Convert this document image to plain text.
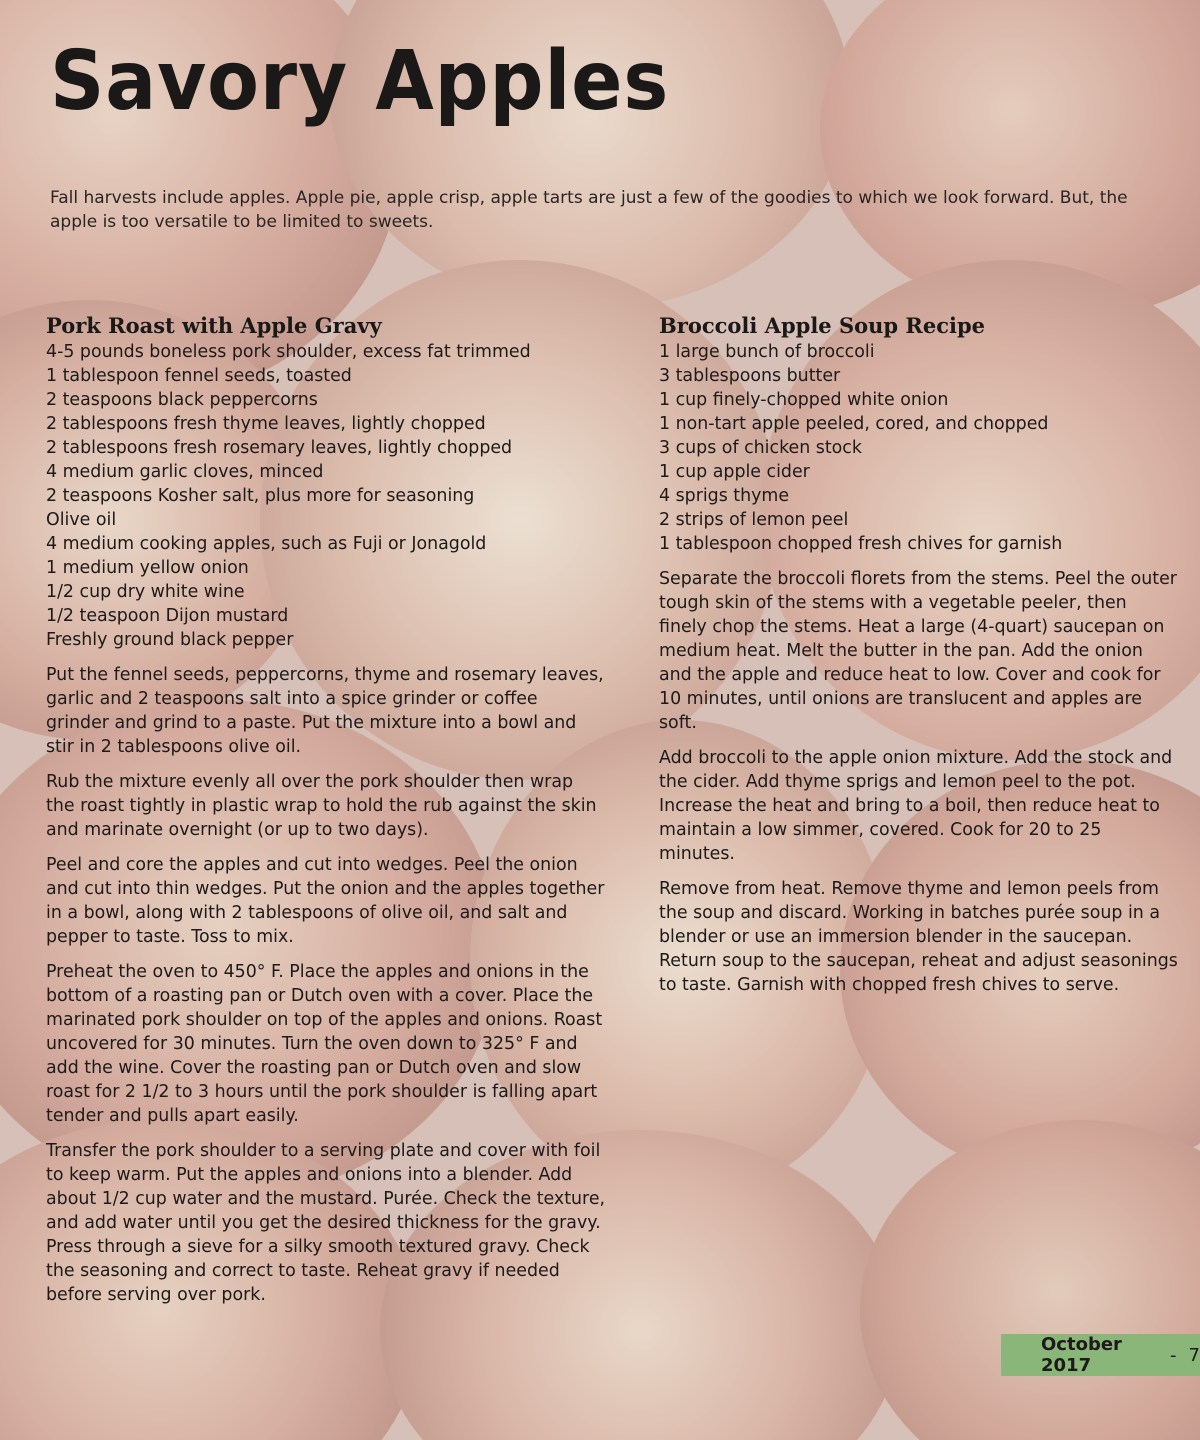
Savory Apples

Fall harvests include apples. Apple pie, apple crisp, apple tarts are just a few of the goodies to which we look forward. But, the apple is too versatile to be limited to sweets.

Pork Roast with Apple Gravy
4-5 pounds boneless pork shoulder, excess fat trimmed
1 tablespoon fennel seeds, toasted
2 teaspoons black peppercorns
2 tablespoons fresh thyme leaves, lightly chopped
2 tablespoons fresh rosemary leaves, lightly chopped
4 medium garlic cloves, minced
2 teaspoons Kosher salt, plus more for seasoning
Olive oil
4 medium cooking apples, such as Fuji or Jonagold
1 medium yellow onion
1/2 cup dry white wine
1/2 teaspoon Dijon mustard
Freshly ground black pepper

Put the fennel seeds, peppercorns, thyme and rosemary leaves, garlic and 2 teaspoons salt into a spice grinder or coffee grinder and grind to a paste. Put the mixture into a bowl and stir in 2 tablespoons olive oil.

Rub the mixture evenly all over the pork shoulder then wrap the roast tightly in plastic wrap to hold the rub against the skin and marinate overnight (or up to two days).

Peel and core the apples and cut into wedges. Peel the onion and cut into thin wedges. Put the onion and the apples together in a bowl, along with 2 tablespoons of olive oil, and salt and pepper to taste. Toss to mix.

Preheat the oven to 450° F. Place the apples and onions in the bottom of a roasting pan or Dutch oven with a cover. Place the marinated pork shoulder on top of the apples and onions. Roast uncovered for 30 minutes. Turn the oven down to 325° F and add the wine. Cover the roasting pan or Dutch oven and slow roast for 2 1/2 to 3 hours until the pork shoulder is falling apart tender and pulls apart easily.

Transfer the pork shoulder to a serving plate and cover with foil to keep warm. Put the apples and onions into a blender. Add about 1/2 cup water and the mustard. Purée. Check the texture, and add water until you get the desired thickness for the gravy. Press through a sieve for a silky smooth textured gravy. Check the seasoning and correct to taste. Reheat gravy if needed before serving over pork.

Broccoli Apple Soup Recipe
1 large bunch of broccoli
3 tablespoons butter
1 cup finely-chopped white onion
1 non-tart apple peeled, cored, and chopped
3 cups of chicken stock
1 cup apple cider
4 sprigs thyme
2 strips of lemon peel
1 tablespoon chopped fresh chives for garnish

Separate the broccoli florets from the stems. Peel the outer tough skin of the stems with a vegetable peeler, then finely chop the stems. Heat a large (4-quart) saucepan on medium heat. Melt the butter in the pan. Add the onion and the apple and reduce heat to low. Cover and cook for 10 minutes, until onions are translucent and apples are soft.

Add broccoli to the apple onion mixture. Add the stock and the cider. Add thyme sprigs and lemon peel to the pot. Increase the heat and bring to a boil, then reduce heat to maintain a low simmer, covered. Cook for 20 to 25 minutes.

Remove from heat. Remove thyme and lemon peels from the soup and discard. Working in batches purée soup in a blender or use an immersion blender in the saucepan. Return soup to the saucepan, reheat and adjust seasonings to taste. Garnish with chopped fresh chives to serve.

October 2017	- 7
